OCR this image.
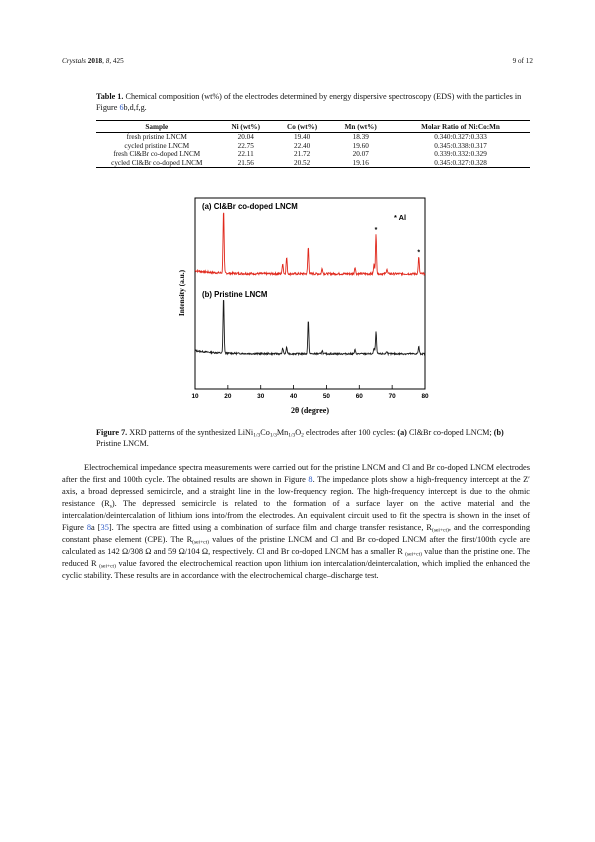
Crystals 2018, 8, 425	9 of 12
Table 1. Chemical composition (wt%) of the electrodes determined by energy dispersive spectroscopy (EDS) with the particles in Figure 6b,d,f,g.
Sample	Ni (wt%)	Co (wt%)	Mn (wt%)	Molar Ratio of Ni:Co:Mn
fresh pristine LNCM	20.04	19.40	18.39	0.340:0.327:0.333
cycled pristine LNCM	22.75	22.40	19.60	0.345:0.338:0.317
fresh Cl&Br co-doped LNCM	22.11	21.72	20.07	0.339:0.332:0.329
cycled Cl&Br co-doped LNCM	21.56	20.52	19.16	0.345:0.327:0.328
10	20	30	40	50	60	70	80
*
*
(a) Cl&Br co-doped LNCM
(b) Pristine LNCM
* Al
Intensity (a.u.)
2θ (degree)
Figure 7. XRD patterns of the synthesized $LiNi_{1/3}Co_{1/3}Mn_{1/3}O_2$ electrodes after 100 cycles: (a) Cl&Br co-doped LNCM; (b) Pristine LNCM.
Electrochemical impedance spectra measurements were carried out for the pristine LNCM and Cl and Br co-doped LNCM electrodes after the first and 100th cycle. The obtained results are shown in Figure 8. The impedance plots show a high-frequency intercept at the Z′ axis, a broad depressed semicircle, and a straight line in the low-frequency region. The high-frequency intercept is due to the ohmic resistance $(R_s)$. The depressed semicircle is related to the formation of a surface layer on the active material and the intercalation/deintercalation of lithium ions into/from the electrodes. An equivalent circuit used to fit the spectra is shown in the inset of Figure 8a [35]. The spectra are fitted using a combination of surface film and charge transfer resistance, $R_{(sei+ct)}$, and the corresponding constant phase element (CPE). The $R_{(sei+ct)}$ values of the pristine LNCM and Cl and Br co-doped LNCM after the first/100th cycle are calculated as 142 Ω/308 Ω and 59 Ω/104 Ω, respectively. Cl and Br co-doped LNCM has a smaller R $_{(sei+ct)}$ value than the pristine one. The reduced R $_{(sei+ct)}$ value favored the electrochemical reaction upon lithium ion intercalation/deintercalation, which implied the enhanced the cyclic stability. These results are in accordance with the electrochemical charge–discharge test.
